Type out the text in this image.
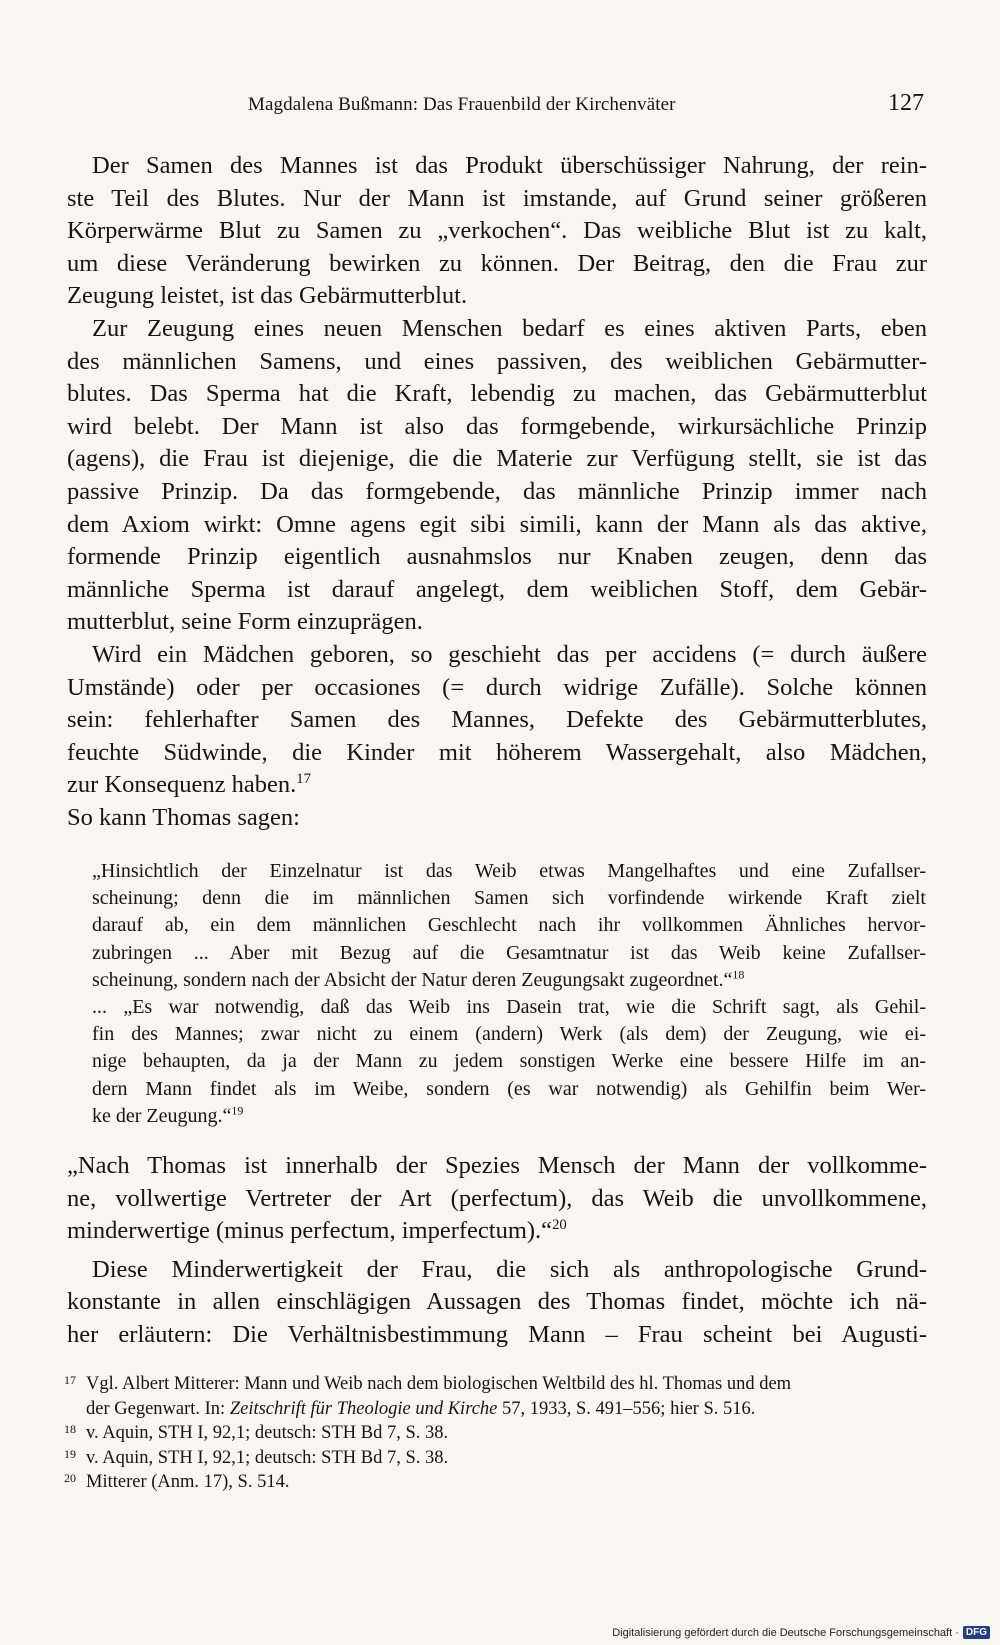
Magdalena Bußmann: Das Frauenbild der Kirchenväter	127
Der Samen des Mannes ist das Produkt überschüssiger Nahrung, der rein-
ste Teil des Blutes. Nur der Mann ist imstande, auf Grund seiner größeren
Körperwärme Blut zu Samen zu „verkochen“. Das weibliche Blut ist zu kalt,
um diese Veränderung bewirken zu können. Der Beitrag, den die Frau zur
Zeugung leistet, ist das Gebärmutterblut.
Zur Zeugung eines neuen Menschen bedarf es eines aktiven Parts, eben
des männlichen Samens, und eines passiven, des weiblichen Gebärmutter-
blutes. Das Sperma hat die Kraft, lebendig zu machen, das Gebärmutterblut
wird belebt. Der Mann ist also das formgebende, wirkursächliche Prinzip
(agens), die Frau ist diejenige, die die Materie zur Verfügung stellt, sie ist das
passive Prinzip. Da das formgebende, das männliche Prinzip immer nach
dem Axiom wirkt: Omne agens egit sibi simili, kann der Mann als das aktive,
formende Prinzip eigentlich ausnahmslos nur Knaben zeugen, denn das
männliche Sperma ist darauf angelegt, dem weiblichen Stoff, dem Gebär-
mutterblut, seine Form einzuprägen.
Wird ein Mädchen geboren, so geschieht das per accidens (= durch äußere
Umstände) oder per occasiones (= durch widrige Zufälle). Solche können
sein: fehlerhafter Samen des Mannes, Defekte des Gebärmutterblutes,
feuchte Südwinde, die Kinder mit höherem Wassergehalt, also Mädchen,
zur Konsequenz haben.$^{17}$
So kann Thomas sagen:
„Hinsichtlich der Einzelnatur ist das Weib etwas Mangelhaftes und eine Zufallser-
scheinung; denn die im männlichen Samen sich vorfindende wirkende Kraft zielt
darauf ab, ein dem männlichen Geschlecht nach ihr vollkommen Ähnliches hervor-
zubringen ... Aber mit Bezug auf die Gesamtnatur ist das Weib keine Zufallser-
scheinung, sondern nach der Absicht der Natur deren Zeugungsakt zugeordnet.“$^{18}$
... „Es war notwendig, daß das Weib ins Dasein trat, wie die Schrift sagt, als Gehil-
fin des Mannes; zwar nicht zu einem (andern) Werk (als dem) der Zeugung, wie ei-
nige behaupten, da ja der Mann zu jedem sonstigen Werke eine bessere Hilfe im an-
dern Mann findet als im Weibe, sondern (es war notwendig) als Gehilfin beim Wer-
ke der Zeugung.“$^{19}$
„Nach Thomas ist innerhalb der Spezies Mensch der Mann der vollkomme-
ne, vollwertige Vertreter der Art (perfectum), das Weib die unvollkommene,
minderwertige (minus perfectum, imperfectum).“$^{20}$
Diese Minderwertigkeit der Frau, die sich als anthropologische Grund-
konstante in allen einschlägigen Aussagen des Thomas findet, möchte ich nä-
her erläutern: Die Verhältnisbestimmung Mann – Frau scheint bei Augusti-
17 Vgl. Albert Mitterer: Mann und Weib nach dem biologischen Weltbild des hl. Thomas und dem
der Gegenwart. In: Zeitschrift für Theologie und Kirche 57, 1933, S. 491–556; hier S. 516.
18 v. Aquin, STH I, 92,1; deutsch: STH Bd 7, S. 38.
19 v. Aquin, STH I, 92,1; deutsch: STH Bd 7, S. 38.
20 Mitterer (Anm. 17), S. 514.
Digitalisierung gefördert durch die Deutsche Forschungsgemeinschaft · DFG
